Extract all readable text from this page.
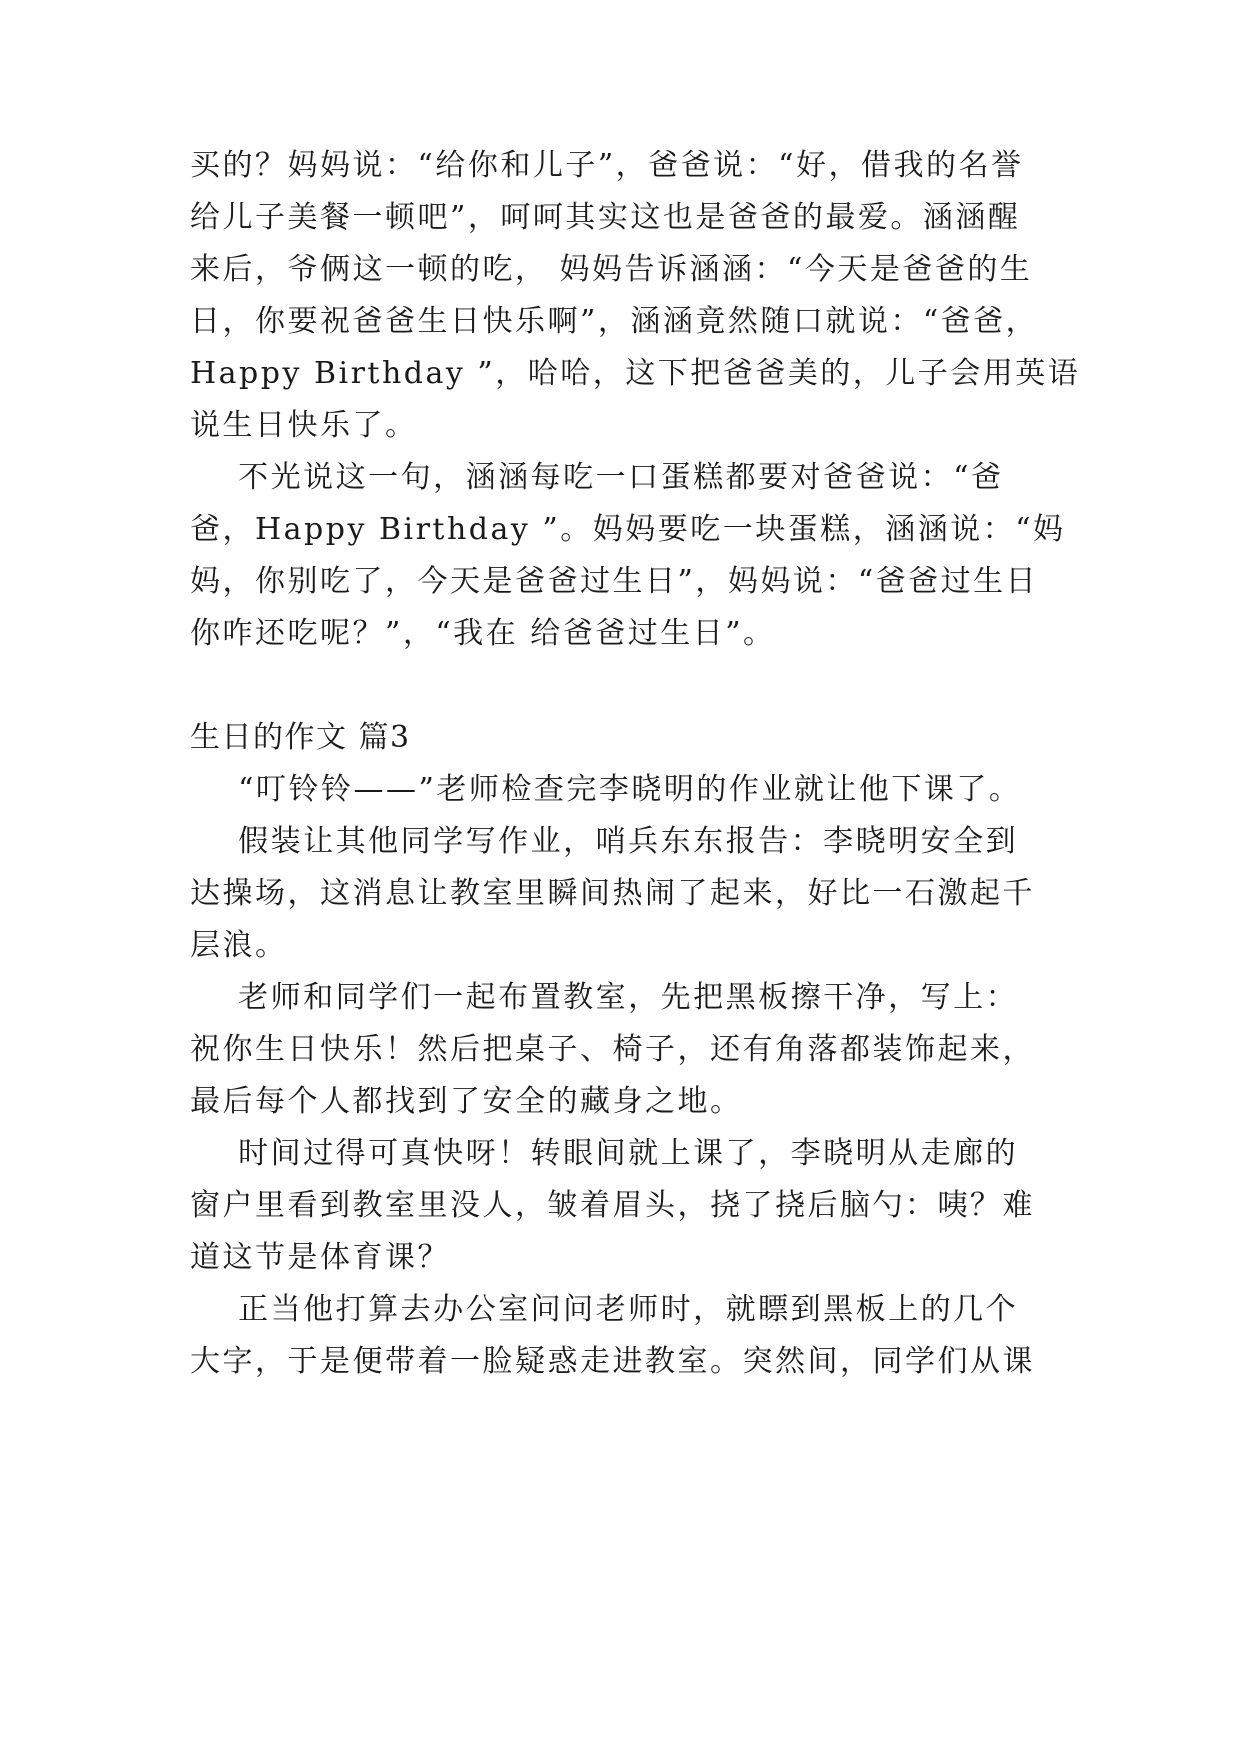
买的？妈妈说：“给你和儿子”，爸爸说：“好，借我的名誉
给儿子美餐一顿吧”，呵呵其实这也是爸爸的最爱。涵涵醒
来后，爷俩这一顿的吃， 妈妈告诉涵涵：“今天是爸爸的生
日，你要祝爸爸生日快乐啊”，涵涵竟然随口就说：“爸爸，
Happy Birthday ”，哈哈，这下把爸爸美的，儿子会用英语
说生日快乐了。
不光说这一句，涵涵每吃一口蛋糕都要对爸爸说：“爸
爸，Happy Birthday ”。妈妈要吃一块蛋糕，涵涵说：“妈
妈，你别吃了，今天是爸爸过生日”，妈妈说：“爸爸过生日
你咋还吃呢？”，“我在 给爸爸过生日”。
生日的作文 篇3
“叮铃铃——”老师检查完李晓明的作业就让他下课了。
假装让其他同学写作业，哨兵东东报告：李晓明安全到
达操场，这消息让教室里瞬间热闹了起来，好比一石激起千
层浪。
老师和同学们一起布置教室，先把黑板擦干净，写上：
祝你生日快乐！然后把桌子、椅子，还有角落都装饰起来，
最后每个人都找到了安全的藏身之地。
时间过得可真快呀！转眼间就上课了，李晓明从走廊的
窗户里看到教室里没人，皱着眉头，挠了挠后脑勺：咦？难
道这节是体育课？
正当他打算去办公室问问老师时，就瞟到黑板上的几个
大字，于是便带着一脸疑惑走进教室。突然间，同学们从课
